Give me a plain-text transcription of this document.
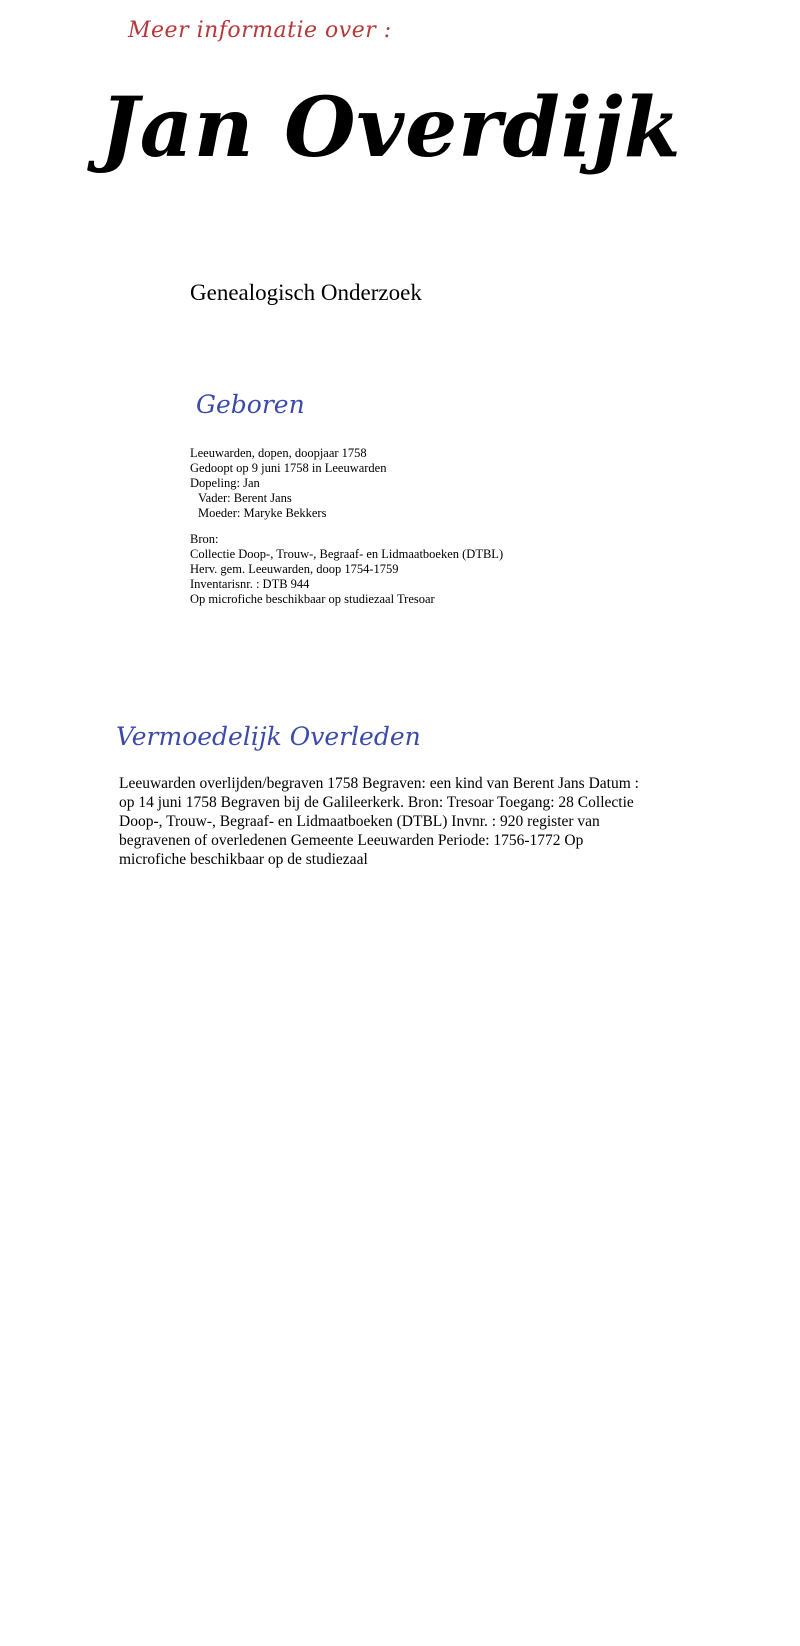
Meer informatie over :
Jan Overdijk
Genealogisch Onderzoek
Geboren
Leeuwarden, dopen, doopjaar 1758
Gedoopt op 9 juni 1758 in Leeuwarden
Dopeling: Jan
Vader: Berent Jans
Moeder: Maryke Bekkers
Bron:
Collectie Doop-, Trouw-, Begraaf- en Lidmaatboeken (DTBL)
Herv. gem. Leeuwarden, doop 1754-1759
Inventarisnr. : DTB 944
Op microfiche beschikbaar op studiezaal Tresoar
Vermoedelijk Overleden
Leeuwarden overlijden/begraven 1758 Begraven: een kind van Berent Jans Datum : op 14 juni 1758 Begraven bij de Galileerkerk. Bron: Tresoar Toegang: 28 Collectie Doop-, Trouw-, Begraaf- en Lidmaatboeken (DTBL) Invnr. : 920 register van begravenen of overledenen Gemeente Leeuwarden Periode: 1756-1772 Op microfiche beschikbaar op de studiezaal
